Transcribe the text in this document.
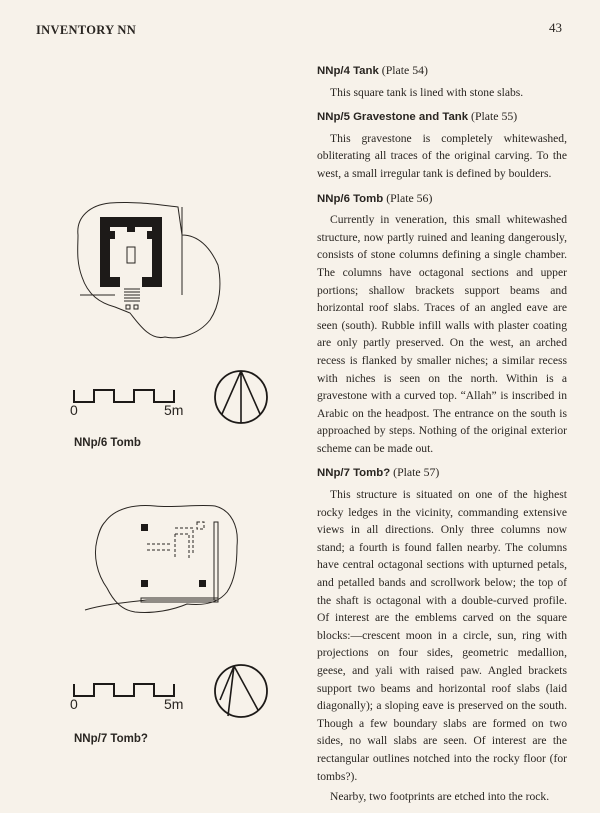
INVENTORY NN	43
0	5m
NNp/6 Tomb
0	5m
NNp/7 Tomb?
NNp/4 Tank (Plate 54)

This square tank is lined with stone slabs.

NNp/5 Gravestone and Tank (Plate 55)

This gravestone is completely whitewashed, obliterating all traces of the original carving. To the west, a small irregular tank is defined by boulders.

NNp/6 Tomb (Plate 56)

Currently in veneration, this small whitewashed structure, now partly ruined and leaning dangerously, consists of stone columns defining a single chamber. The columns have octagonal sections and upper portions; shallow brackets support beams and horizontal roof slabs. Traces of an angled eave are seen (south). Rubble infill walls with plaster coating are only partly preserved. On the west, an arched recess is flanked by smaller niches; a similar recess with niches is seen on the north. Within is a gravestone with a curved top. “Allah” is inscribed in Arabic on the headpost. The entrance on the south is approached by steps. Nothing of the original exterior scheme can be made out.

NNp/7 Tomb? (Plate 57)

This structure is situated on one of the highest rocky ledges in the vicinity, commanding extensive views in all directions. Only three columns now stand; a fourth is found fallen nearby. The columns have central octagonal sections with upturned petals, and petalled bands and scrollwork below; the top of the shaft is octagonal with a double-curved profile. Of interest are the emblems carved on the square blocks:—crescent moon in a circle, sun, ring with projections on four sides, geometric medallion, geese, and yali with raised paw. Angled brackets support two beams and horizontal roof slabs (laid diagonally); a sloping eave is preserved on the south. Though a few boundary slabs are formed on two sides, no wall slabs are seen. Of interest are the rectangular outlines notched into the rocky floor (for tombs?).

Nearby, two footprints are etched into the rock.
